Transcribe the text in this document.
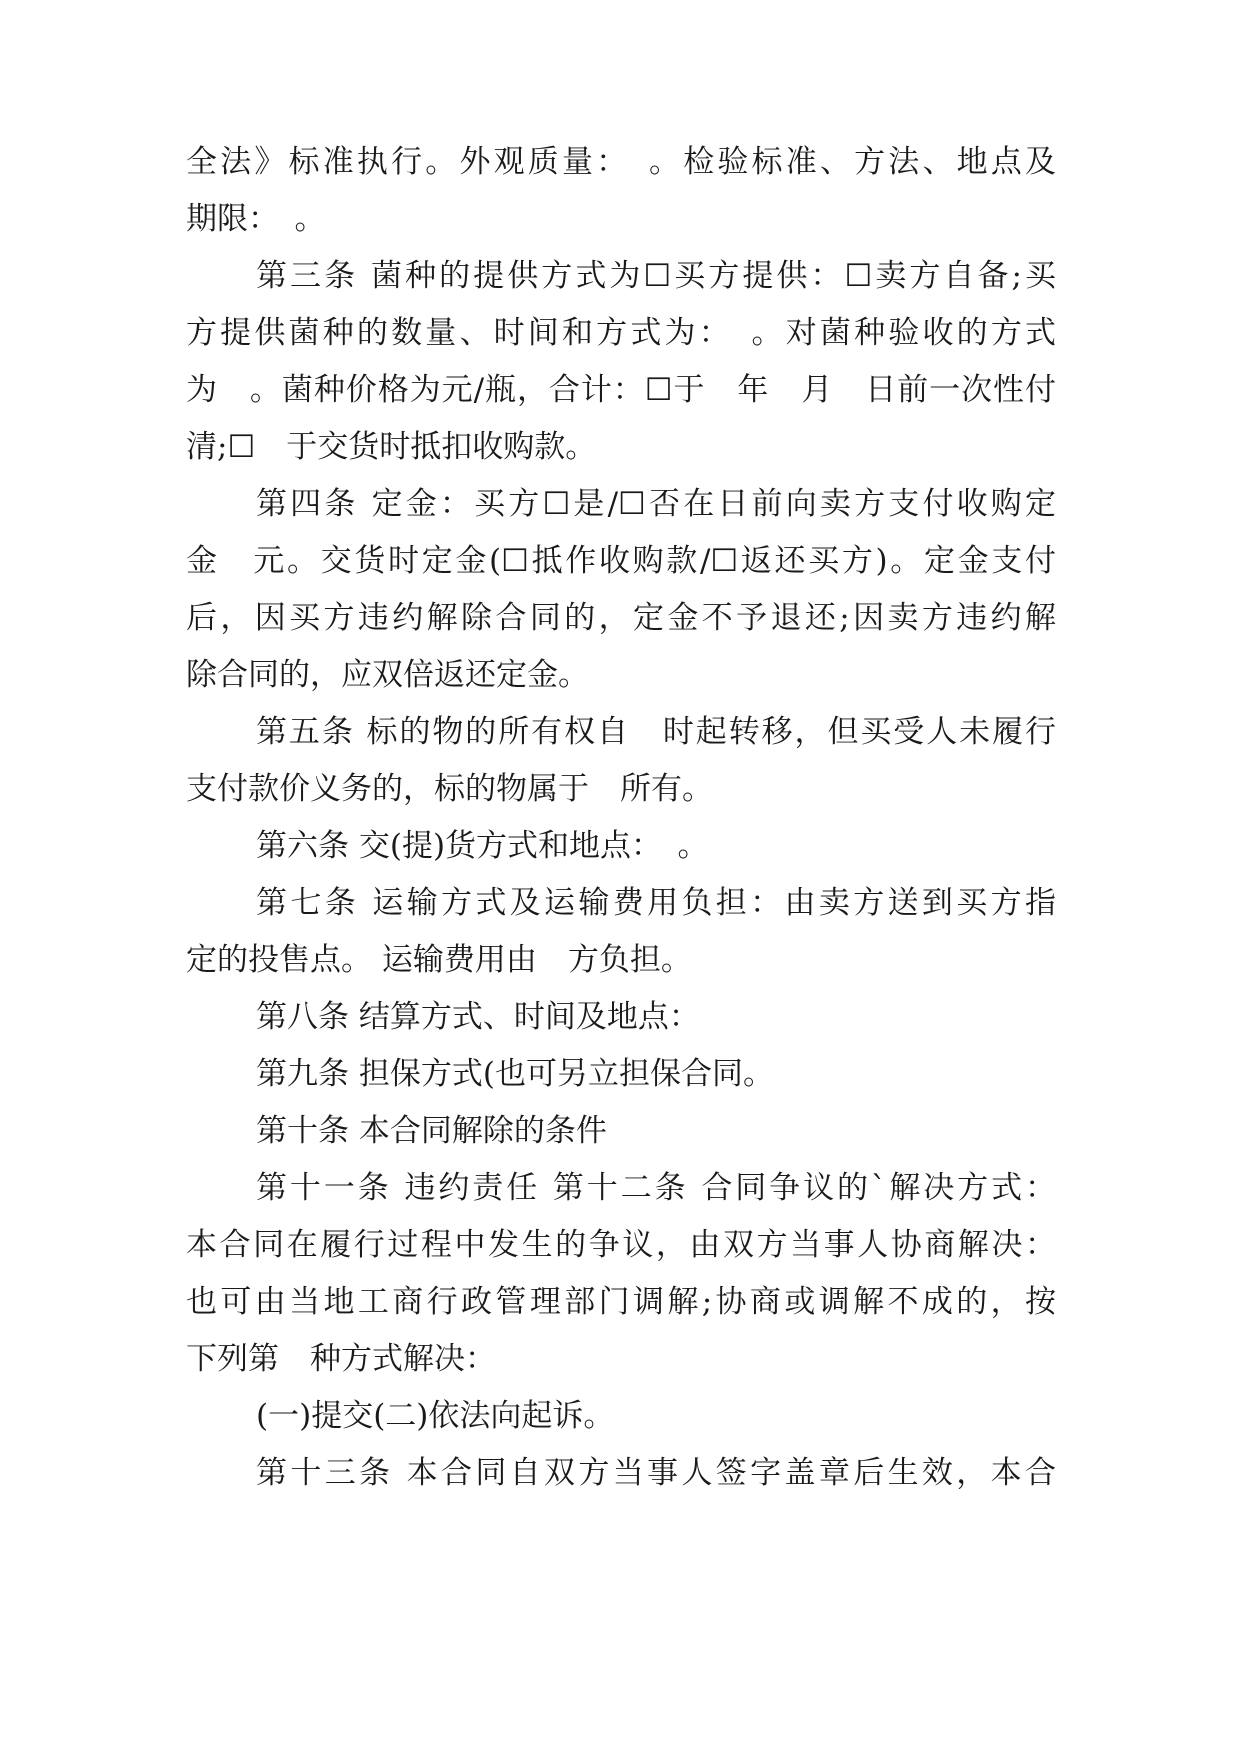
全法》标准执行。外观质量：　。检验标准、方法、地点及
期限：　。
第三条 菌种的提供方式为☐买方提供：☐卖方自备;买
方提供菌种的数量、时间和方式为：　。对菌种验收的方式
为　。菌种价格为元/瓶，合计：☐于　年　月　日前一次性付
清;☐　于交货时抵扣收购款。
第四条 定金：买方☐是/☐否在日前向卖方支付收购定
金　元。交货时定金(☐抵作收购款/☐返还买方)。定金支付
后，因买方违约解除合同的，定金不予退还;因卖方违约解
除合同的，应双倍返还定金。
第五条 标的物的所有权自　时起转移，但买受人未履行
支付款价义务的，标的物属于　所有。
第六条 交(提)货方式和地点：　。
第七条 运输方式及运输费用负担：由卖方送到买方指
定的投售点。 运输费用由　方负担。
第八条 结算方式、时间及地点：
第九条 担保方式(也可另立担保合同。
第十条 本合同解除的条件
第十一条 违约责任 第十二条 合同争议的`解决方式：
本合同在履行过程中发生的争议，由双方当事人协商解决：
也可由当地工商行政管理部门调解;协商或调解不成的，按
下列第　种方式解决：
(一)提交(二)依法向起诉。
第十三条 本合同自双方当事人签字盖章后生效，本合
